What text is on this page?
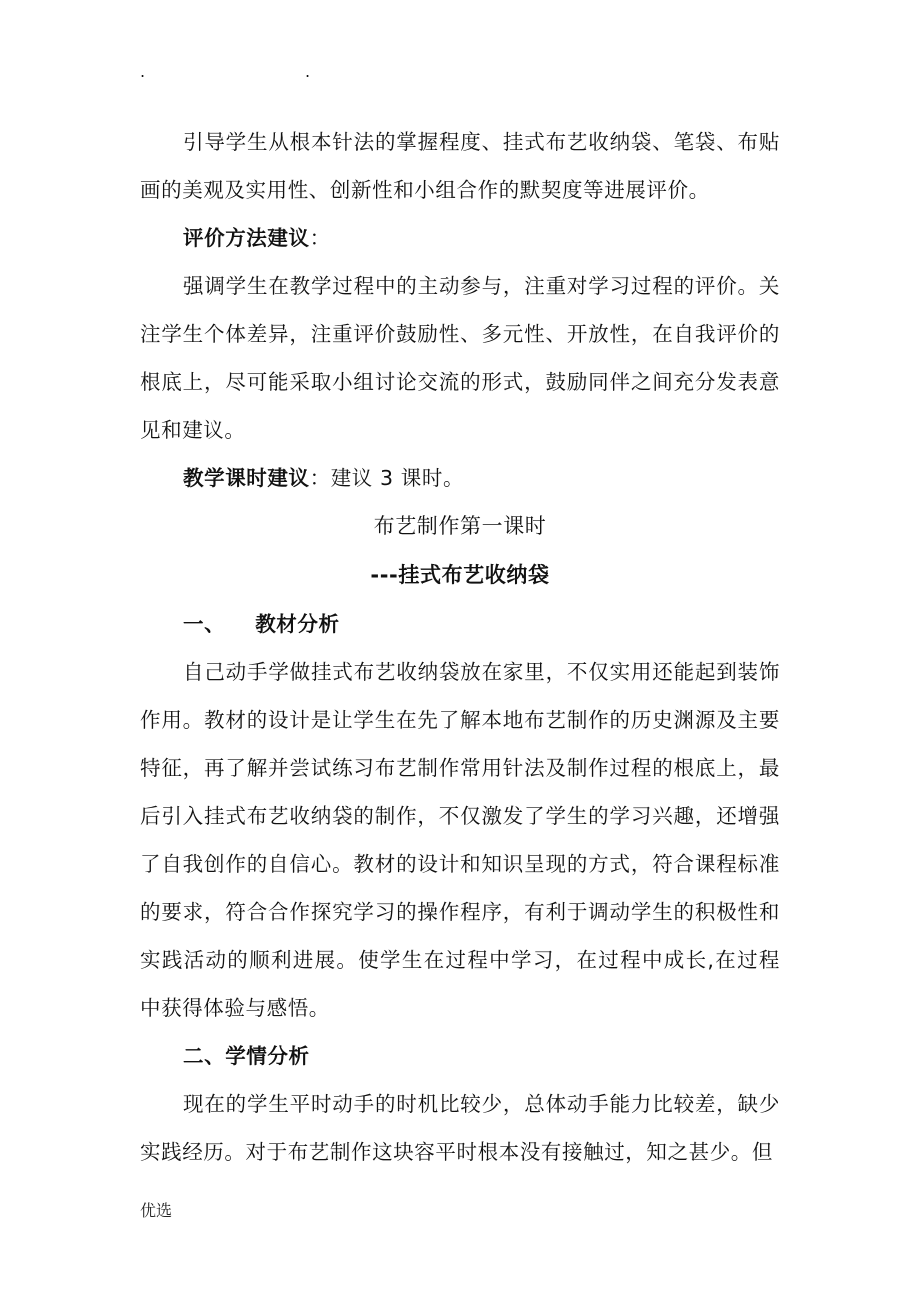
.	.

引导学生从根本针法的掌握程度、挂式布艺收纳袋、笔袋、布贴画的美观及实用性、创新性和小组合作的默契度等进展评价。

评价方法建议：

强调学生在教学过程中的主动参与，注重对学习过程的评价。关注学生个体差异，注重评价鼓励性、多元性、开放性，在自我评价的根底上，尽可能采取小组讨论交流的形式，鼓励同伴之间充分发表意见和建议。

教学课时建议：建议 3 课时。

布艺制作第一课时

---挂式布艺收纳袋

一、 教材分析

自己动手学做挂式布艺收纳袋放在家里，不仅实用还能起到装饰作用。教材的设计是让学生在先了解本地布艺制作的历史渊源及主要特征，再了解并尝试练习布艺制作常用针法及制作过程的根底上，最后引入挂式布艺收纳袋的制作，不仅激发了学生的学习兴趣，还增强了自我创作的自信心。教材的设计和知识呈现的方式，符合课程标准的要求，符合合作探究学习的操作程序，有利于调动学生的积极性和实践活动的顺利进展。使学生在过程中学习，在过程中成长,在过程中获得体验与感悟。

二、学情分析

现在的学生平时动手的时机比较少，总体动手能力比较差，缺少实践经历。对于布艺制作这块容平时根本没有接触过，知之甚少。但

优选
